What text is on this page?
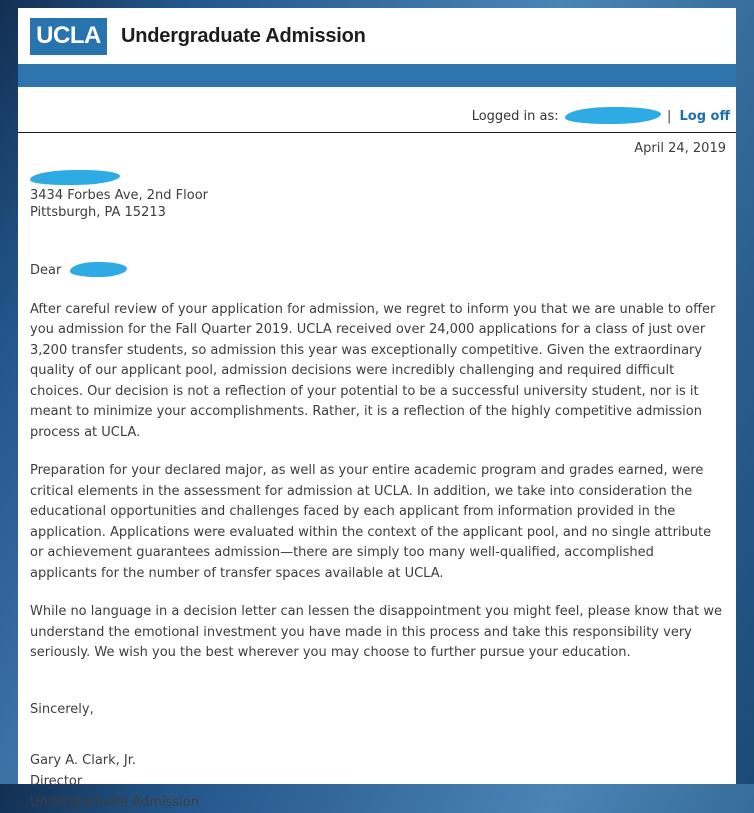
UCLA Undergraduate Admission
Logged in as:	| Log off
April 24, 2019
3434 Forbes Ave, 2nd Floor
Pittsburgh, PA 15213
Dear

After careful review of your application for admission, we regret to inform you that we are unable to offer you admission for the Fall Quarter 2019. UCLA received over 24,000 applications for a class of just over 3,200 transfer students, so admission this year was exceptionally competitive. Given the extraordinary quality of our applicant pool, admission decisions were incredibly challenging and required difficult choices. Our decision is not a reflection of your potential to be a successful university student, nor is it meant to minimize your accomplishments. Rather, it is a reflection of the highly competitive admission process at UCLA.

Preparation for your declared major, as well as your entire academic program and grades earned, were critical elements in the assessment for admission at UCLA. In addition, we take into consideration the educational opportunities and challenges faced by each applicant from information provided in the application. Applications were evaluated within the context of the applicant pool, and no single attribute or achievement guarantees admission—there are simply too many well-qualified, accomplished applicants for the number of transfer spaces available at UCLA.

While no language in a decision letter can lessen the disappointment you might feel, please know that we understand the emotional investment you have made in this process and take this responsibility very seriously. We wish you the best wherever you may choose to further pursue your education.

Sincerely,
Gary A. Clark, Jr.
Director
Undergraduate Admission
